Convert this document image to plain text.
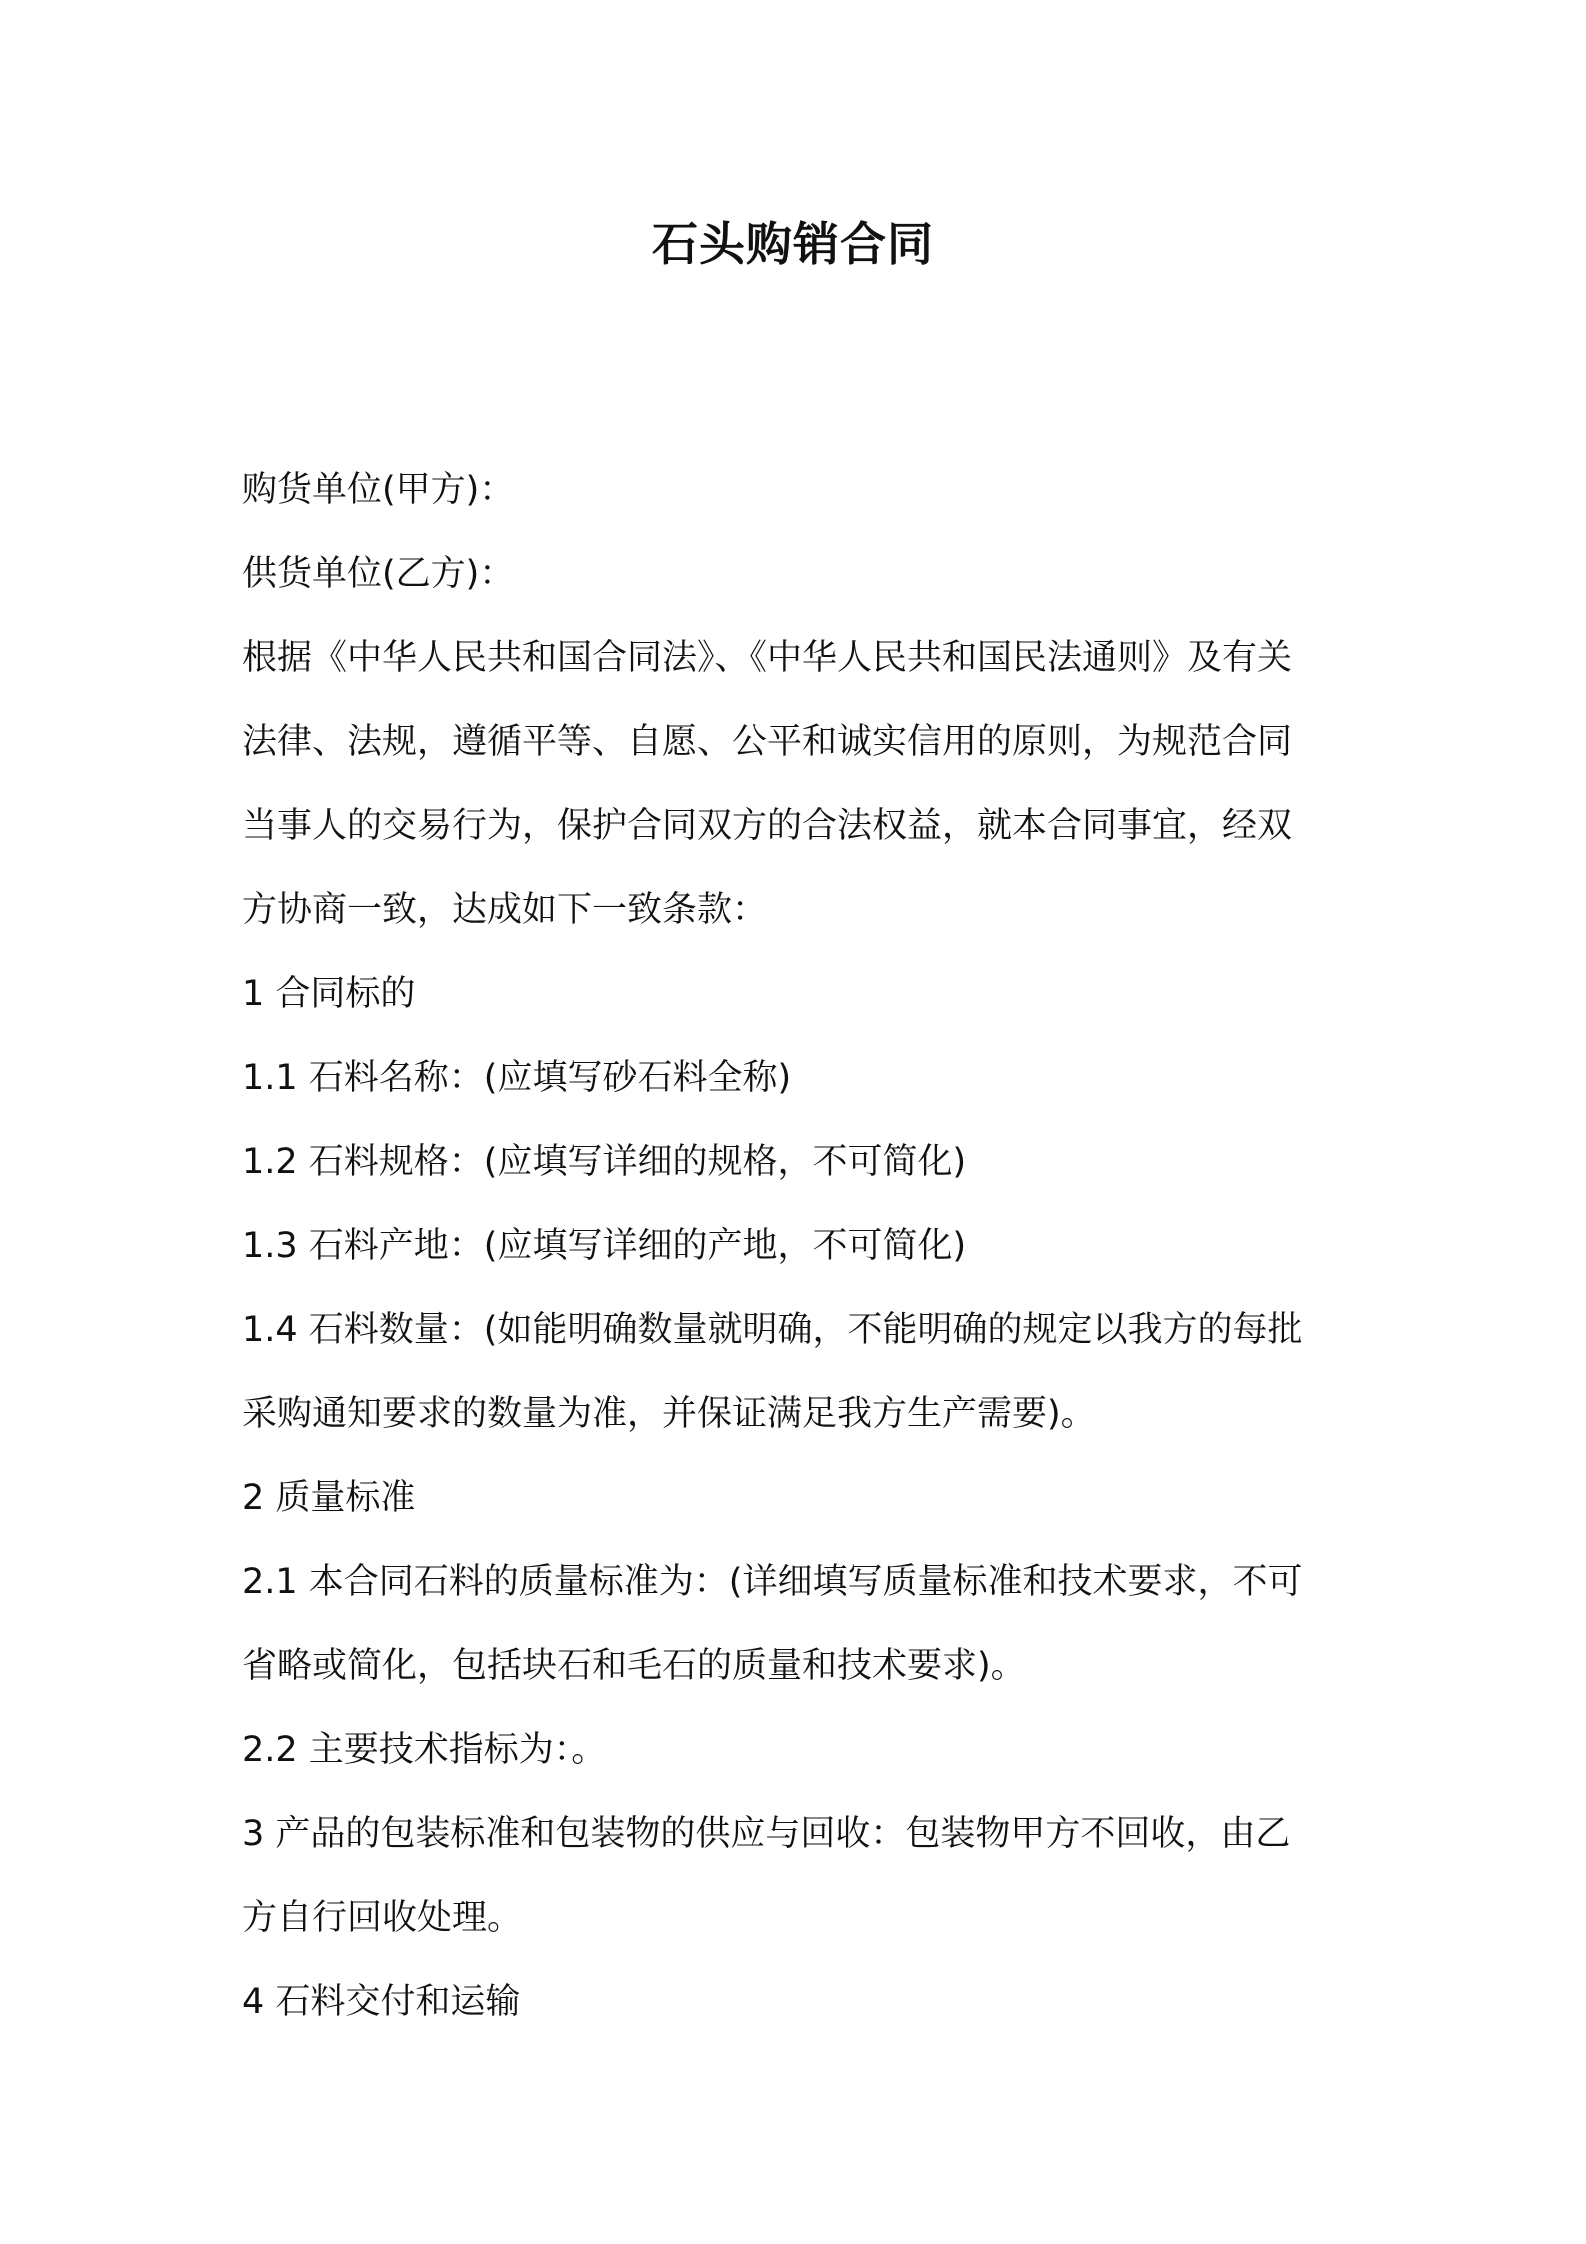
石头购销合同
购货单位(甲方)：
供货单位(乙方)：
根据《中华人民共和国合同法》、《中华人民共和国民法通则》及有关
法律、法规，遵循平等、自愿、公平和诚实信用的原则，为规范合同
当事人的交易行为，保护合同双方的合法权益，就本合同事宜，经双
方协商一致，达成如下一致条款：
1 合同标的
1.1 石料名称：(应填写砂石料全称)
1.2 石料规格：(应填写详细的规格，不可简化)
1.3 石料产地：(应填写详细的产地，不可简化)
1.4 石料数量：(如能明确数量就明确，不能明确的规定以我方的每批
采购通知要求的数量为准，并保证满足我方生产需要)。
2 质量标准
2.1 本合同石料的质量标准为：(详细填写质量标准和技术要求，不可
省略或简化，包括块石和毛石的质量和技术要求)。
2.2 主要技术指标为：。
3 产品的包装标准和包装物的供应与回收：包装物甲方不回收，由乙
方自行回收处理。
4 石料交付和运输
